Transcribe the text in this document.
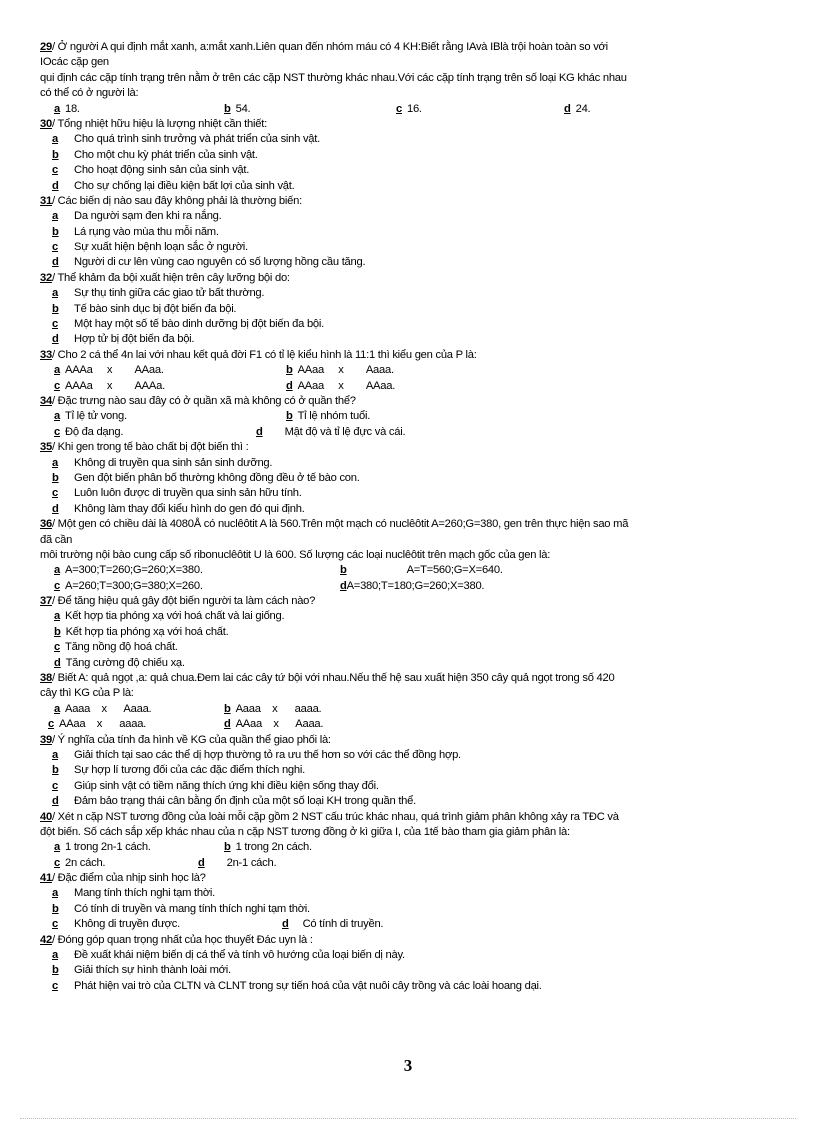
29/ Ở người A qui định mắt xanh, a:mắt xanh.Liên quan đến nhóm máu có 4 KH:Biết rằng IAvà IBlà trội hoàn toàn so với
IOcác cặp gen
qui định các cặp tính trạng trên nằm ở trên các cặp NST thường khác nhau.Với các cặp tính trạng trên số loại KG khác nhau
có thể có ở người là:
a 18.	b 54.	c 16.	d 24.
30/ Tổng nhiệt hữu hiệu là lượng nhiệt cần thiết:
a Cho quá trình sinh trưởng và phát triển của sinh vật.
b Cho một chu kỳ phát triển của sinh vật.
c Cho hoạt động sinh sản của sinh vật.
d Cho sự chống lại điều kiện bất lợi của sinh vật.
31/ Các biến dị nào sau đây không phải là thường biến:
a Da người sạm đen khi ra nắng.
b Lá rụng vào mùa thu mỗi năm.
c Sự xuất hiện bệnh loạn sắc ở người.
d Người di cư lên vùng cao nguyên có số lượng hồng cầu tăng.
32/ Thể khảm đa bội xuất hiện trên cây lưỡng bội do:
a Sự thụ tinh giữa các giao tử bất thường.
b Tế bào sinh dục bị đột biến đa bội.
c Một hay một số tế bào dinh dưỡng bị đột biến đa bội.
d Hợp tử bị đột biến đa bội.
33/ Cho 2 cá thể 4n lai với nhau kết quả đời F1 có tỉ lệ kiểu hình là 11:1 thì kiểu gen của P là:
a AAAa     x        AAaa.	b AAaa     x        Aaaa.
c AAAa     x        AAAa.	d AAaa     x        AAaa.
34/ Đặc trưng nào sau đây có ở quần xã mà không có ở quần thể?
a Tỉ lệ tử vong.	b Tỉ lệ nhóm tuổi.
c Độ đa dạng.	d Mật độ và tỉ lệ đực và cái.
35/ Khi gen trong tế bào chất bị đột biến thì :
a Không di truyền qua sinh sản sinh dưỡng.
b Gen đột biến phân bố thường không đồng đều ở tế bào con.
c Luôn luôn được di truyền qua sinh sản hữu tính.
d Không làm thay đổi kiểu hình do gen đó qui định.
36/ Một gen có chiều dài là 4080Å có nuclêôtit A là 560.Trên một mạch có nuclêôtit A=260;G=380, gen trên thực hiện sao mã
đã cần
môi trường nội bào cung cấp số ribonuclêôtit U là 600. Số lượng các loại nuclêôtit trên mạch gốc của gen là:
a A=300;T=260;G=260;X=380.	b	A=T=560;G=X=640.
c A=260;T=300;G=380;X=260.	dA=380;T=180;G=260;X=380.
37/ Để tăng hiệu quả gây đột biến người ta làm cách nào?
a Kết hợp tia phóng xạ với hoá chất và lai giống.
b Kết hợp tia phóng xạ với hoá chất.
c Tăng nồng độ hoá chất.
d Tăng cường độ chiếu xạ.
38/ Biết A: quả ngọt ,a: quả chua.Đem lai các cây tứ bội với nhau.Nếu thế hệ sau xuất hiện 350 cây quả ngọt trong số 420
cây thì KG của P là:
a Aaaa    x      Aaaa.	b Aaaa    x      aaaa.
c AAaa    x      aaaa.	d AAaa    x      Aaaa.
39/ Ý nghĩa của tính đa hình về KG của quần thể giao phối là:
a Giải thích tại sao các thể dị hợp thường tỏ ra ưu thế hơn so với các thể đồng hợp.
b Sự hợp lí tương đối của các đặc điểm thích nghi.
c Giúp sinh vật có tiềm năng thích ứng khi điều kiện sống thay đổi.
d Đảm bảo trạng thái cân bằng ổn định của một số loại KH trong quần thể.
40/ Xét n cặp NST tương đồng của loài mỗi cặp gồm 2 NST cấu trúc khác nhau, quá trình giảm phân không xảy ra TĐC và
đột biến. Số cách sắp xếp khác nhau của n cặp NST tương đồng ở kì giữa I, của 1tế bào tham gia giảm phân là:
a 1 trong 2n-1 cách.	b 1 trong 2n cách.
c 2n cách.	d 2n-1 cách.
41/ Đặc điểm của nhịp sinh học là?
a Mang tính thích nghi tạm thời.
b Có tính di truyền và mang tính thích nghi tạm thời.
c Không di truyền được.	d Có tính di truyền.
42/ Đóng góp quan trọng nhất của học thuyết Đác uyn là :
a Đề xuất khái niệm biến dị cá thể và tính vô hướng của loại biến dị này.
b Giải thích sự hình thành loài mới.
c Phát hiện vai trò của CLTN và CLNT trong sự tiến hoá của vật nuôi cây trồng và các loài hoang dại.
3
